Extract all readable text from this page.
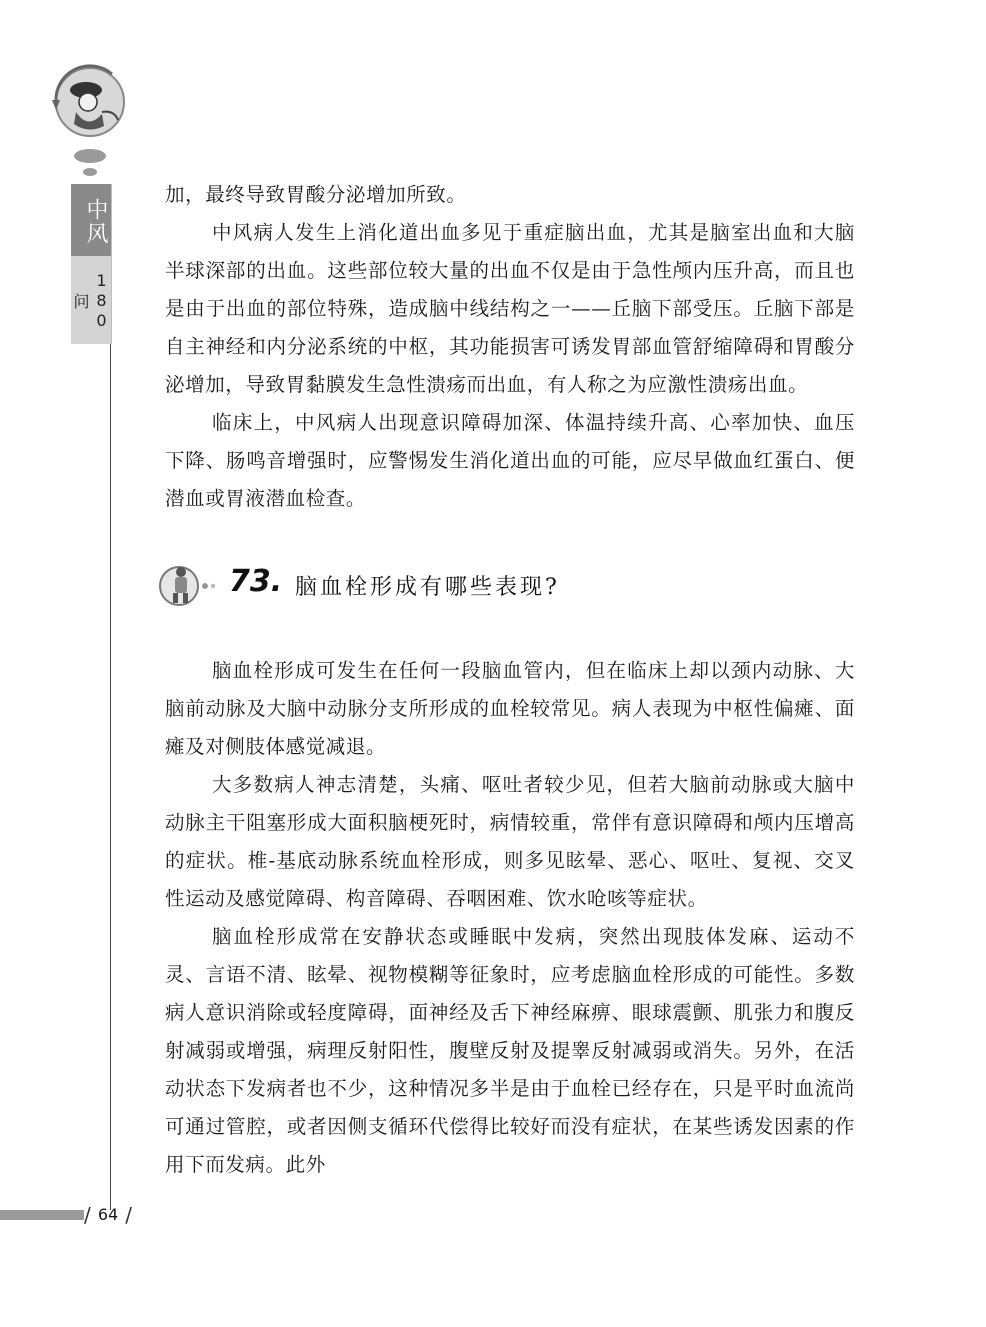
中风
180问
/ 64 /

加，最终导致胃酸分泌增加所致。

中风病人发生上消化道出血多见于重症脑出血，尤其是脑室出血和大脑半球深部的出血。这些部位较大量的出血不仅是由于急性颅内压升高，而且也是由于出血的部位特殊，造成脑中线结构之一——丘脑下部受压。丘脑下部是自主神经和内分泌系统的中枢，其功能损害可诱发胃部血管舒缩障碍和胃酸分泌增加，导致胃黏膜发生急性溃疡而出血，有人称之为应激性溃疡出血。

临床上，中风病人出现意识障碍加深、体温持续升高、心率加快、血压下降、肠鸣音增强时，应警惕发生消化道出血的可能，应尽早做血红蛋白、便潜血或胃液潜血检查。

73. 脑血栓形成有哪些表现?

脑血栓形成可发生在任何一段脑血管内，但在临床上却以颈内动脉、大脑前动脉及大脑中动脉分支所形成的血栓较常见。病人表现为中枢性偏瘫、面瘫及对侧肢体感觉减退。

大多数病人神志清楚，头痛、呕吐者较少见，但若大脑前动脉或大脑中动脉主干阻塞形成大面积脑梗死时，病情较重，常伴有意识障碍和颅内压增高的症状。椎-基底动脉系统血栓形成，则多见眩晕、恶心、呕吐、复视、交叉性运动及感觉障碍、构音障碍、吞咽困难、饮水呛咳等症状。

脑血栓形成常在安静状态或睡眠中发病，突然出现肢体发麻、运动不灵、言语不清、眩晕、视物模糊等征象时，应考虑脑血栓形成的可能性。多数病人意识消除或轻度障碍，面神经及舌下神经麻痹、眼球震颤、肌张力和腹反射减弱或增强，病理反射阳性，腹壁反射及提睾反射减弱或消失。另外，在活动状态下发病者也不少，这种情况多半是由于血栓已经存在，只是平时血流尚可通过管腔，或者因侧支循环代偿得比较好而没有症状，在某些诱发因素的作用下而发病。此外
